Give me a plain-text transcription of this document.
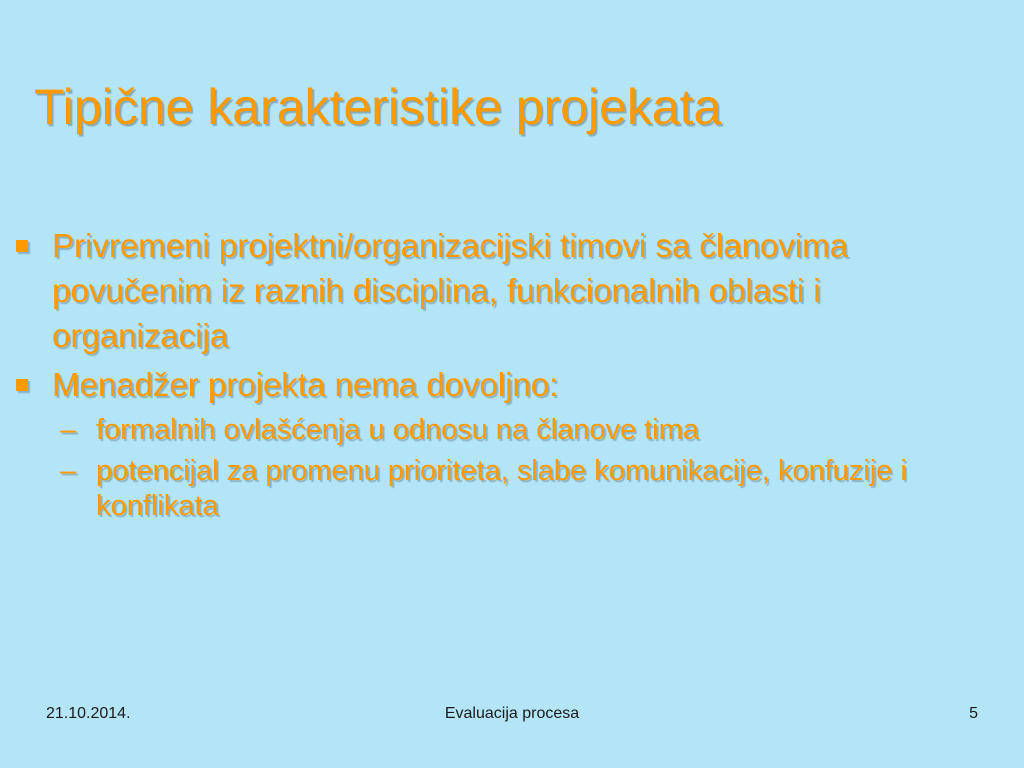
Tipične karakteristike projekata
Privremeni projektni/organizacijski timovi sa članovima povučenim iz raznih disciplina, funkcionalnih oblasti i organizacija
Menadžer projekta nema dovoljno:
– formalnih ovlašćenja u odnosu na članove tima
– potencijal za promenu prioriteta, slabe komunikacije, konfuzije i konflikata
21.10.2014.	Evaluacija procesa	5
